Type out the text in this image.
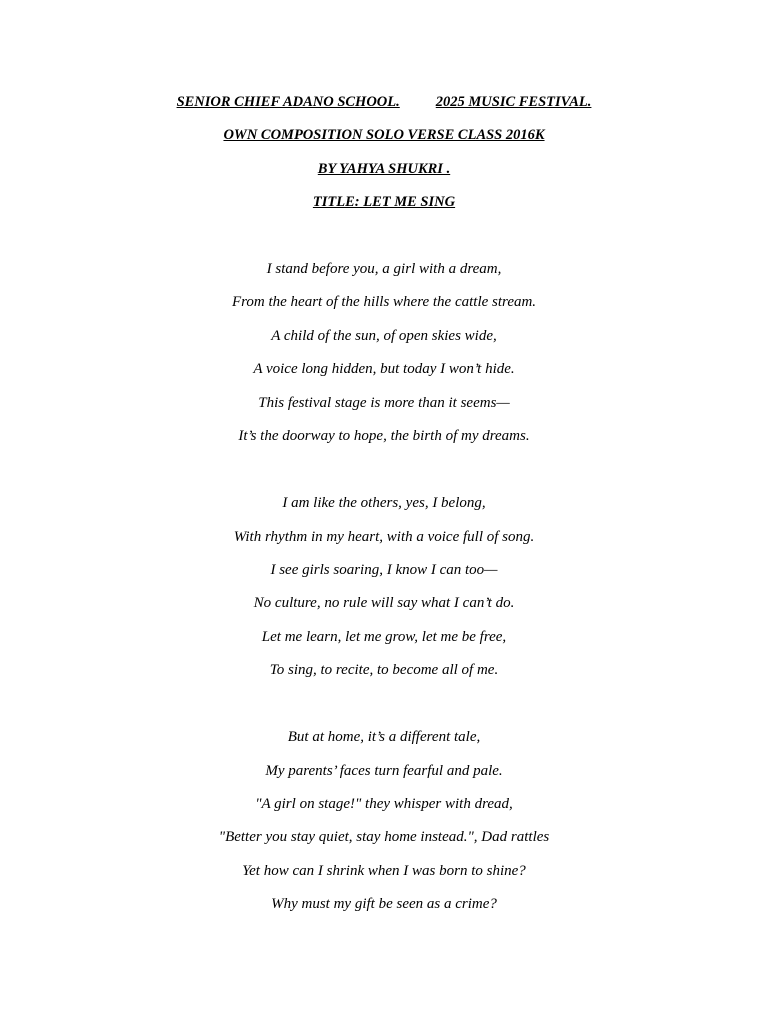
SENIOR CHIEF ADANO SCHOOL. 2025 MUSIC FESTIVAL.
OWN COMPOSITION SOLO VERSE CLASS 2016K
BY YAHYA SHUKRI .
TITLE: LET ME SING
I stand before you, a girl with a dream,
From the heart of the hills where the cattle stream.
A child of the sun, of open skies wide,
A voice long hidden, but today I won’t hide.
This festival stage is more than it seems—
It’s the doorway to hope, the birth of my dreams.
I am like the others, yes, I belong,
With rhythm in my heart, with a voice full of song.
I see girls soaring, I know I can too—
No culture, no rule will say what I can’t do.
Let me learn, let me grow, let me be free,
To sing, to recite, to become all of me.
But at home, it’s a different tale,
My parents’ faces turn fearful and pale.
"A girl on stage!" they whisper with dread,
"Better you stay quiet, stay home instead.", Dad rattles
Yet how can I shrink when I was born to shine?
Why must my gift be seen as a crime?
